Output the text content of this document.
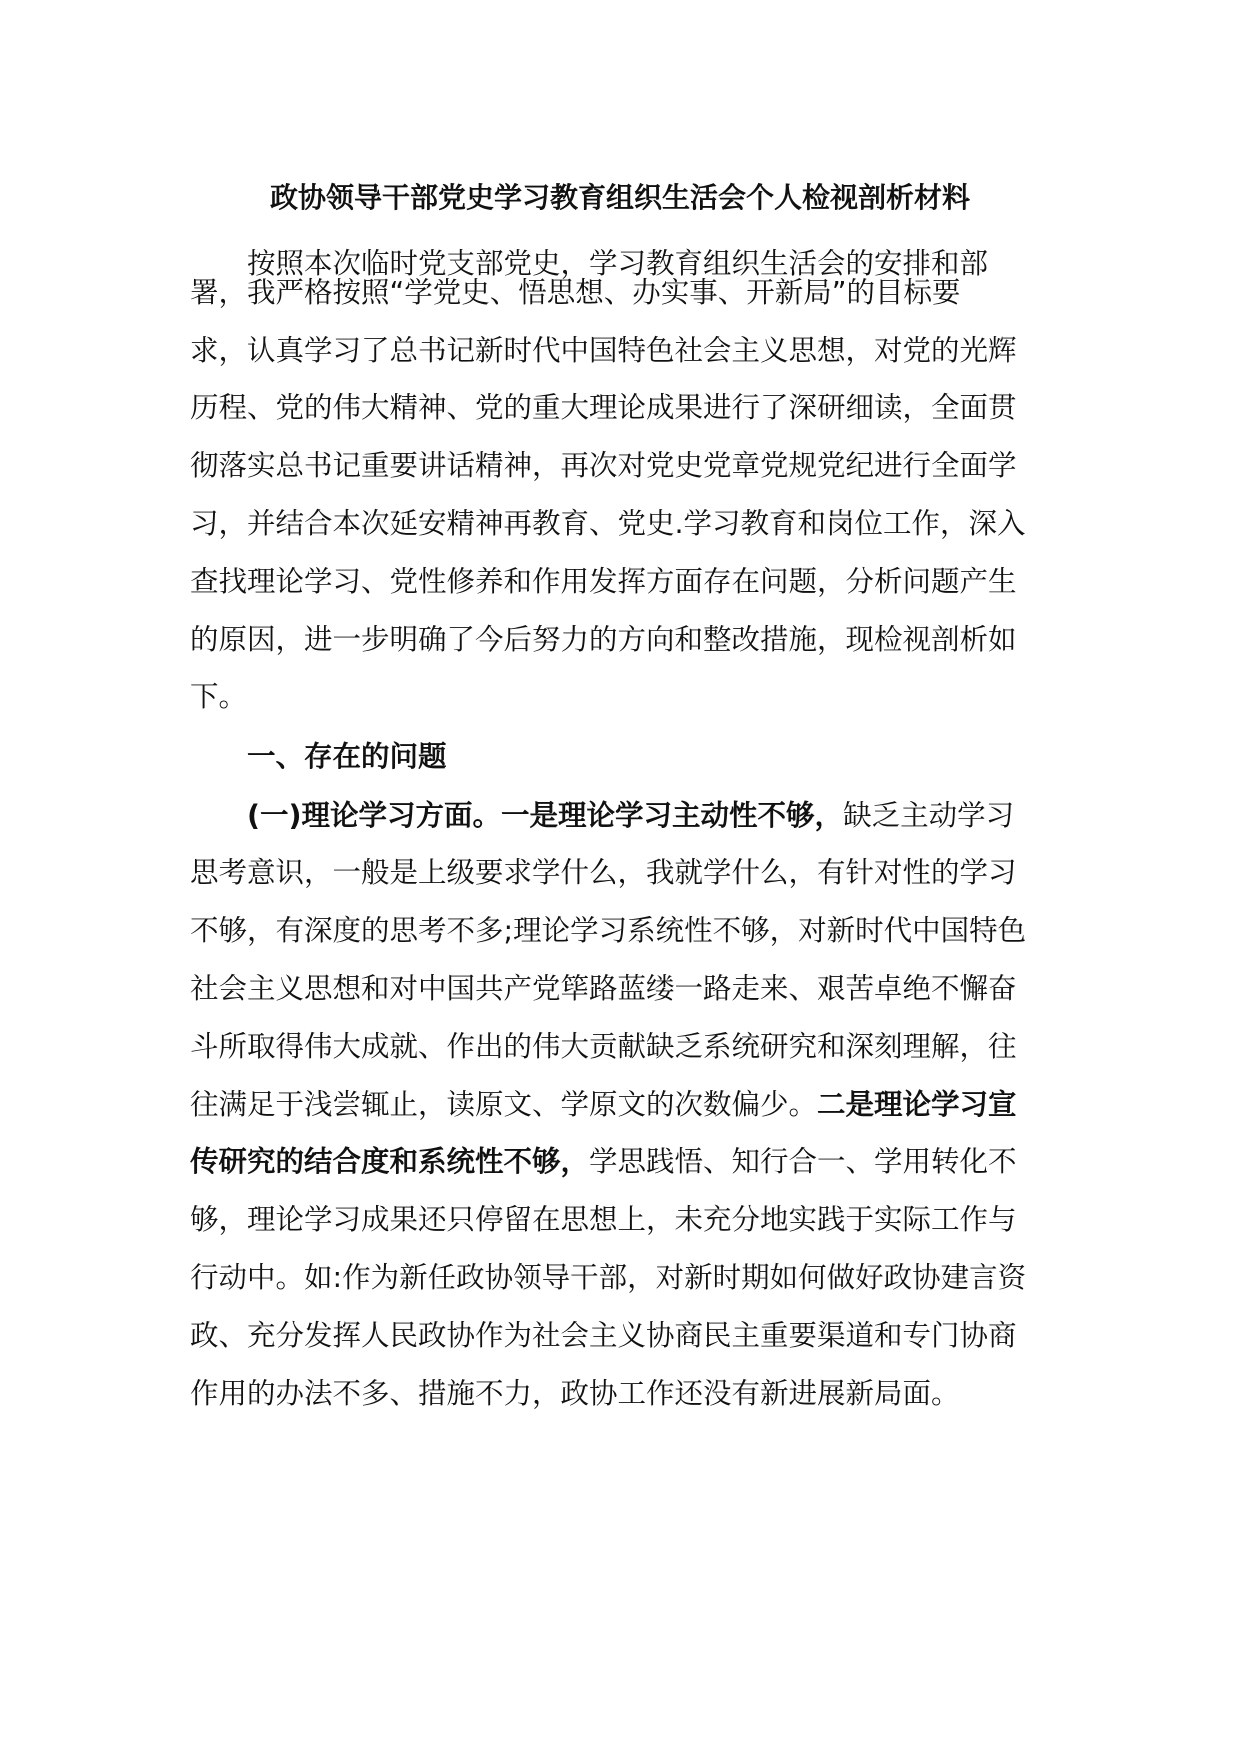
政协领导干部党史学习教育组织生活会个人检视剖析材料
按照本次临时党支部党史，学习教育组织生活会的安排和部
署，我严格按照“学党史、悟思想、办实事、开新局”的目标要
求，认真学习了总书记新时代中国特色社会主义思想，对党的光辉
历程、党的伟大精神、党的重大理论成果进行了深研细读，全面贯
彻落实总书记重要讲话精神，再次对党史党章党规党纪进行全面学
习，并结合本次延安精神再教育、党史.学习教育和岗位工作，深入
查找理论学习、党性修养和作用发挥方面存在问题，分析问题产生
的原因，进一步明确了今后努力的方向和整改措施，现检视剖析如
下。
一、存在的问题
(一)理论学习方面。一是理论学习主动性不够，缺乏主动学习
思考意识，一般是上级要求学什么，我就学什么，有针对性的学习
不够，有深度的思考不多;理论学习系统性不够，对新时代中国特色
社会主义思想和对中国共产党筚路蓝缕一路走来、艰苦卓绝不懈奋
斗所取得伟大成就、作出的伟大贡献缺乏系统研究和深刻理解，往
往满足于浅尝辄止，读原文、学原文的次数偏少。二是理论学习宣
传研究的结合度和系统性不够，学思践悟、知行合一、学用转化不
够，理论学习成果还只停留在思想上，未充分地实践于实际工作与
行动中。如:作为新任政协领导干部，对新时期如何做好政协建言资
政、充分发挥人民政协作为社会主义协商民主重要渠道和专门协商
作用的办法不多、措施不力，政协工作还没有新进展新局面。
